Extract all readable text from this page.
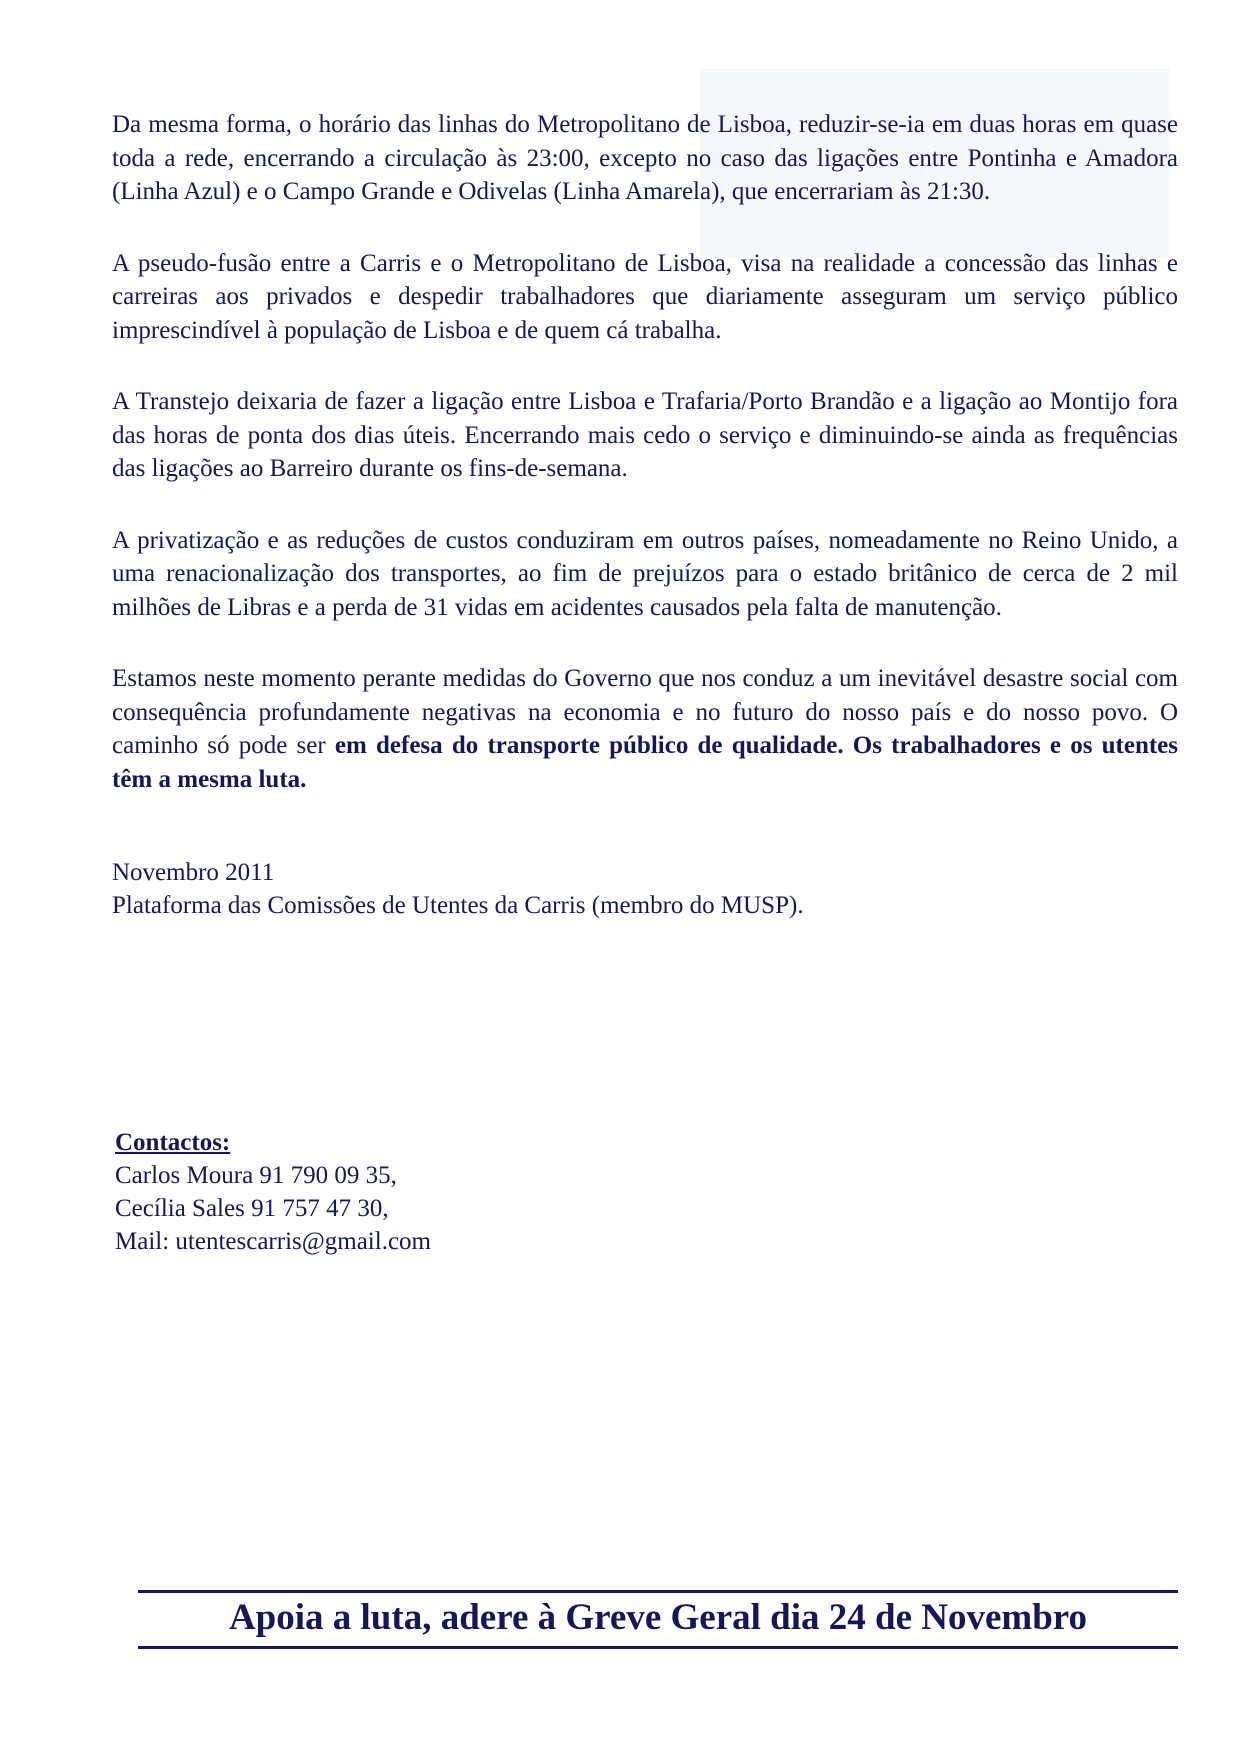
Da mesma forma, o horário das linhas do Metropolitano de Lisboa, reduzir-se-ia em duas horas em quase toda a rede, encerrando a circulação às 23:00, excepto no caso das ligações entre Pontinha e Amadora (Linha Azul) e o Campo Grande e Odivelas (Linha Amarela), que encerrariam às 21:30.

A pseudo-fusão entre a Carris e o Metropolitano de Lisboa, visa na realidade a concessão das linhas e carreiras aos privados e despedir trabalhadores que diariamente asseguram um serviço público imprescindível à população de Lisboa e de quem cá trabalha.

A Transtejo deixaria de fazer a ligação entre Lisboa e Trafaria/Porto Brandão e a ligação ao Montijo fora das horas de ponta dos dias úteis. Encerrando mais cedo o serviço e diminuindo-se ainda as frequências das ligações ao Barreiro durante os fins-de-semana.

A privatização e as reduções de custos conduziram em outros países, nomeadamente no Reino Unido, a uma renacionalização dos transportes, ao fim de prejuízos para o estado britânico de cerca de 2 mil milhões de Libras e a perda de 31 vidas em acidentes causados pela falta de manutenção.

Estamos neste momento perante medidas do Governo que nos conduz a um inevitável desastre social com consequência profundamente negativas na economia e no futuro do nosso país e do nosso povo. O caminho só pode ser em defesa do transporte público de qualidade. Os trabalhadores e os utentes têm a mesma luta.

Novembro 2011
Plataforma das Comissões de Utentes da Carris (membro do MUSP).
Contactos:
Carlos Moura 91 790 09 35,
Cecília Sales 91 757 47 30,
Mail: utentescarris@gmail.com
Apoia a luta, adere à Greve Geral dia 24 de Novembro
